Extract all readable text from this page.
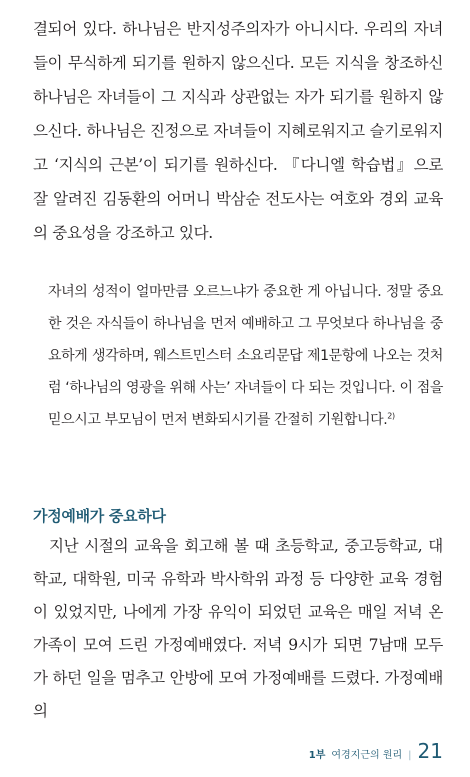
결되어 있다. 하나님은 반지성주의자가 아니시다. 우리의 자녀들이 무식하게 되기를 원하지 않으신다. 모든 지식을 창조하신 하나님은 자녀들이 그 지식과 상관없는 자가 되기를 원하지 않으신다. 하나님은 진정으로 자녀들이 지혜로워지고 슬기로워지고 ‘지식의 근본’이 되기를 원하신다. 『다니엘 학습법』으로 잘 알려진 김동환의 어머니 박삼순 전도사는 여호와 경외 교육의 중요성을 강조하고 있다.

자녀의 성적이 얼마만큼 오르느냐가 중요한 게 아닙니다. 정말 중요한 것은 자식들이 하나님을 먼저 예배하고 그 무엇보다 하나님을 중요하게 생각하며, 웨스트민스터 소요리문답 제1문항에 나오는 것처럼 ‘하나님의 영광을 위해 사는’ 자녀들이 다 되는 것입니다. 이 점을 믿으시고 부모님이 먼저 변화되시기를 간절히 기원합니다.$^{2)}$

가정예배가 중요하다

지난 시절의 교육을 회고해 볼 때 초등학교, 중고등학교, 대학교, 대학원, 미국 유학과 박사학위 과정 등 다양한 교육 경험이 있었지만, 나에게 가장 유익이 되었던 교육은 매일 저녁 온 가족이 모여 드린 가정예배였다. 저녁 9시가 되면 7남매 모두가 하던 일을 멈추고 안방에 모여 가정예배를 드렸다. 가정예배의

1부 여경지근의 원리 | 21
